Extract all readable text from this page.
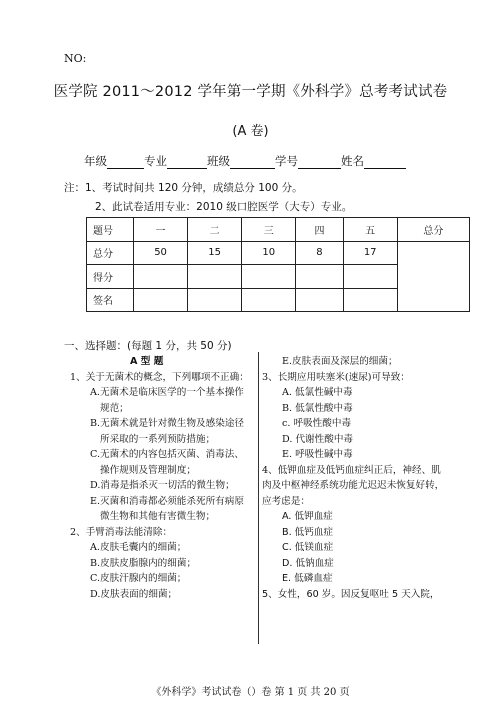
NO:
医学院 2011～2012 学年第一学期《外科学》总考考试试卷
(A 卷)
年级	专业	班级	学号	姓名
注：1、考试时间共 120 分钟，成绩总分 100 分。
2、此试卷适用专业：2010 级口腔医学（大专）专业。
题号	一	二	三	四	五	总分
总分	50	15	10	8	17	
得分						
签名						
一、选择题：(每题 1 分，共 50 分)
A 型 题
1、关于无菌术的概念，下列哪项不正确：
A.无菌术是临床医学的一个基本操作
规范；
B.无菌术就是针对微生物及感染途径
所采取的一系列预防措施；
C.无菌术的内容包括灭菌、消毒法、
操作规则及管理制度；
D.消毒是指杀灭一切活的微生物；
E.灭菌和消毒都必须能杀死所有病原
微生物和其他有害微生物；
2、手臂消毒法能清除：
A.皮肤毛囊内的细菌；
B.皮肤皮脂腺内的细菌；
C.皮肤汗腺内的细菌；
D.皮肤表面的细菌；
E.皮肤表面及深层的细菌；
3、长期应用呋塞米(速尿)可导致：
A. 低氯性碱中毒
B. 低氯性酸中毒
c. 呼吸性酸中毒
D. 代谢性酸中毒
E. 呼吸性碱中毒
4、低钾血症及低钙血症纠正后，神经、肌
肉及中枢神经系统功能尤迟迟未恢复好转，
应考虑是：
A. 低钾血症
B. 低钙血症
C. 低镁血症
D. 低钠血症
E. 低磷血症
5、女性，60 岁。因反复呕吐 5 天入院，
《外科学》考试试卷（）卷 第 1 页 共 20 页
